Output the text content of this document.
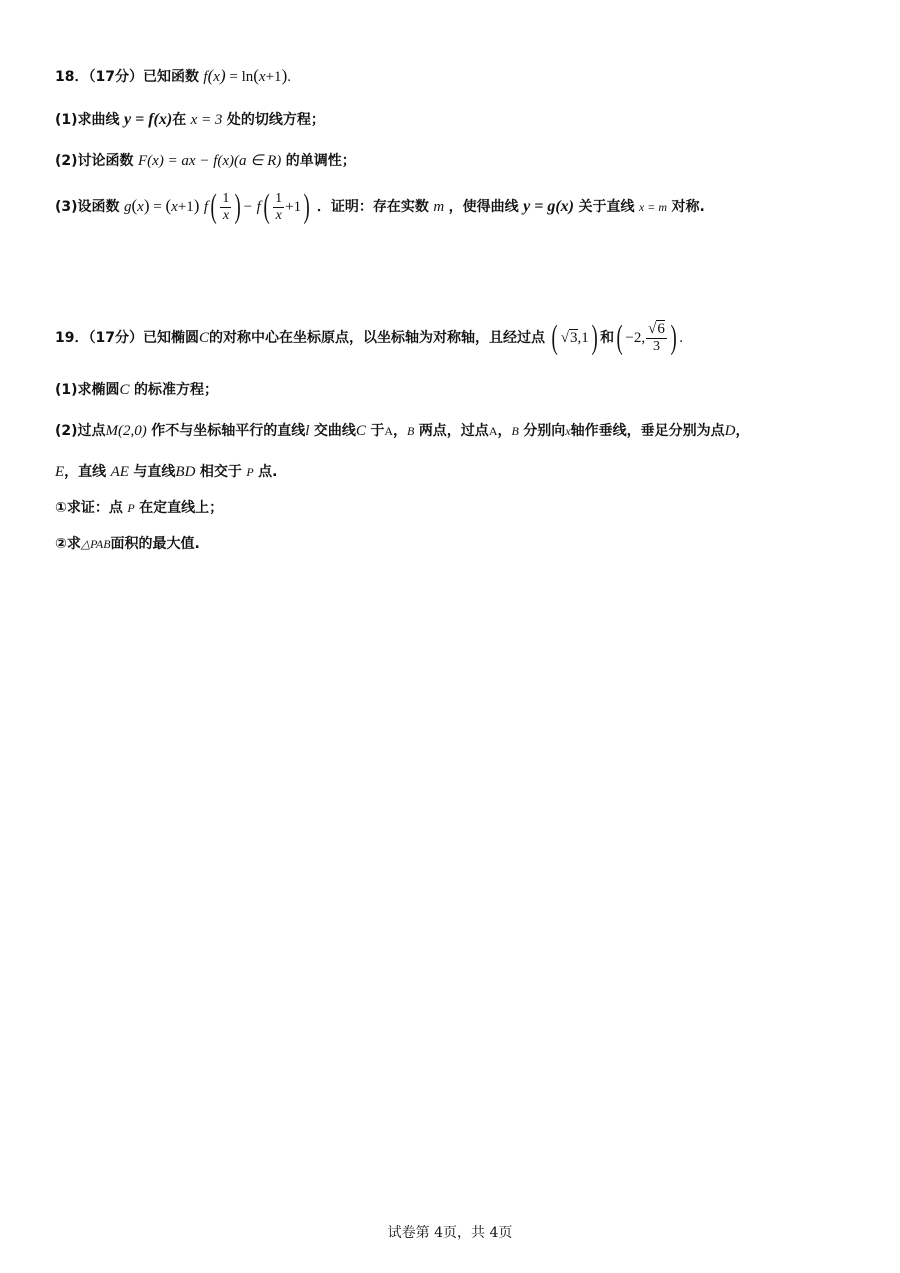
18．（17分）已知函数 f(x) = ln(x+1).
(1)求曲线 y = f(x)在 x = 3 处的切线方程；
(2)讨论函数 F(x) = ax − f(x)(a ∈ R) 的单调性；
(3)设函数 g(x) = (x+1) $f( \frac{1}{x}$ ) − $f( \frac{1}{x} +1)$ ．证明：存在实数 m ，使得曲线 y = g(x) 关于直线 x = m 对称.
19．（17分）已知椭圆C的对称中心在坐标原点，以坐标轴为对称轴，且经过点 ( √3,1) 和( −2, $\frac{√6}{3}$ ) .
(1)求椭圆C 的标准方程；
(2)过点M(2,0) 作不与坐标轴平行的直线l 交曲线C 于A，B 两点，过点A，B 分别向x轴作垂线，垂足分别为点D，
E，直线 AE 与直线BD 相交于 P 点.
①求证：点 P 在定直线上；
②求△PAB面积的最大值.
试卷第 4页，共 4页
